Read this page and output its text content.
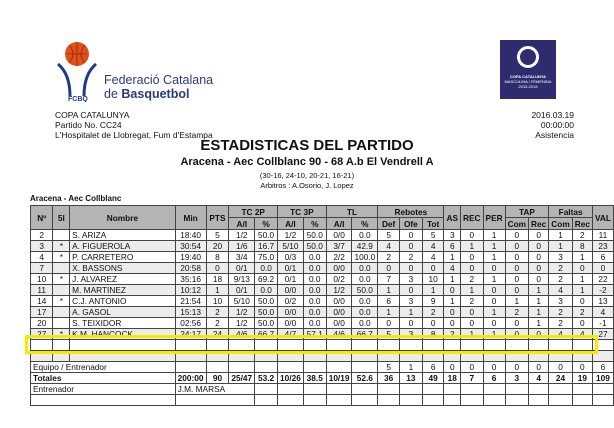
FCBQ
Federació Catalana
de Basquetbol
COPA CATALUNYA
MASCULINA / FEMENINA
2015-2016
COPA CATALUNYA
Partido No. CC24
L'Hospitalet de Llobregat, Fum d'Estampa
2016.03.19
00:00:00
Asistencia
ESTADISTICAS DEL PARTIDO
Aracena - Aec Collblanc 90 - 68 A.b El Vendrell A
(30-16, 24-10, 20-21, 16-21)
Arbitros : A.Osorio, J. Lopez
Aracena - Aec Collblanc
Nº	5I	Nombre	Min	PTS	TC 2P		TC 3P		TL		Rebotes			AS	REC	PER	TAP		Faltas		VAL
					A/I	%	A/I	%	A/I	%	Def	Ofe	Tot				Com	Rec	Com	Rec	
2		S. ARIZA	18:40	5	1/2	50.0	1/2	50.0	0/0	0.0	5	0	5	3	0	1	0	0	1	2	11
3	*	A. FIGUEROLA	30:54	20	1/6	16.7	5/10	50.0	3/7	42.9	4	0	4	6	1	1	0	0	1	8	23
4	*	P. CARRETERO	19:40	8	3/4	75.0	0/3	0.0	2/2	100.0	2	2	4	1	0	1	0	0	3	1	6
7		X. BASSONS	20:58	0	0/1	0.0	0/1	0.0	0/0	0.0	0	0	0	4	0	0	0	0	2	0	0
10	*	J. ALVAREZ	35:16	18	9/13	69.2	0/1	0.0	0/2	0.0	7	3	10	1	2	1	0	0	2	1	22
11		M. MARTINEZ	10:12	1	0/1	0.0	0/0	0.0	1/2	50.0	1	0	1	0	1	0	0	1	4	1	-2
14	*	C.J. ANTONIO	21:54	10	5/10	50.0	0/2	0.0	0/0	0.0	6	3	9	1	2	0	1	1	3	0	13
17		A. GASOL	15:13	2	1/2	50.0	0/0	0.0	0/0	0.0	1	1	2	0	0	1	2	1	2	2	4
20		S. TEIXIDOR	02:56	2	1/2	50.0	0/0	0.0	0/0	0.0	0	0	0	0	0	0	0	1	2	0	-1
27	*	K.M. HANCOCK	24:17	24	4/6	66.7	4/7	57.1	4/6	66.7	5	3	8	2	1	1	0	0	4	4	27

Equipo / Entrenador											5	1	6	0	0	0	0	0	0	0	6
Totales			200:00	90	25/47	53.2	10/26	38.5	10/19	52.6	36	13	49	18	7	6	3	4	24	19	109
Entrenador			J.M. MARSA																		
